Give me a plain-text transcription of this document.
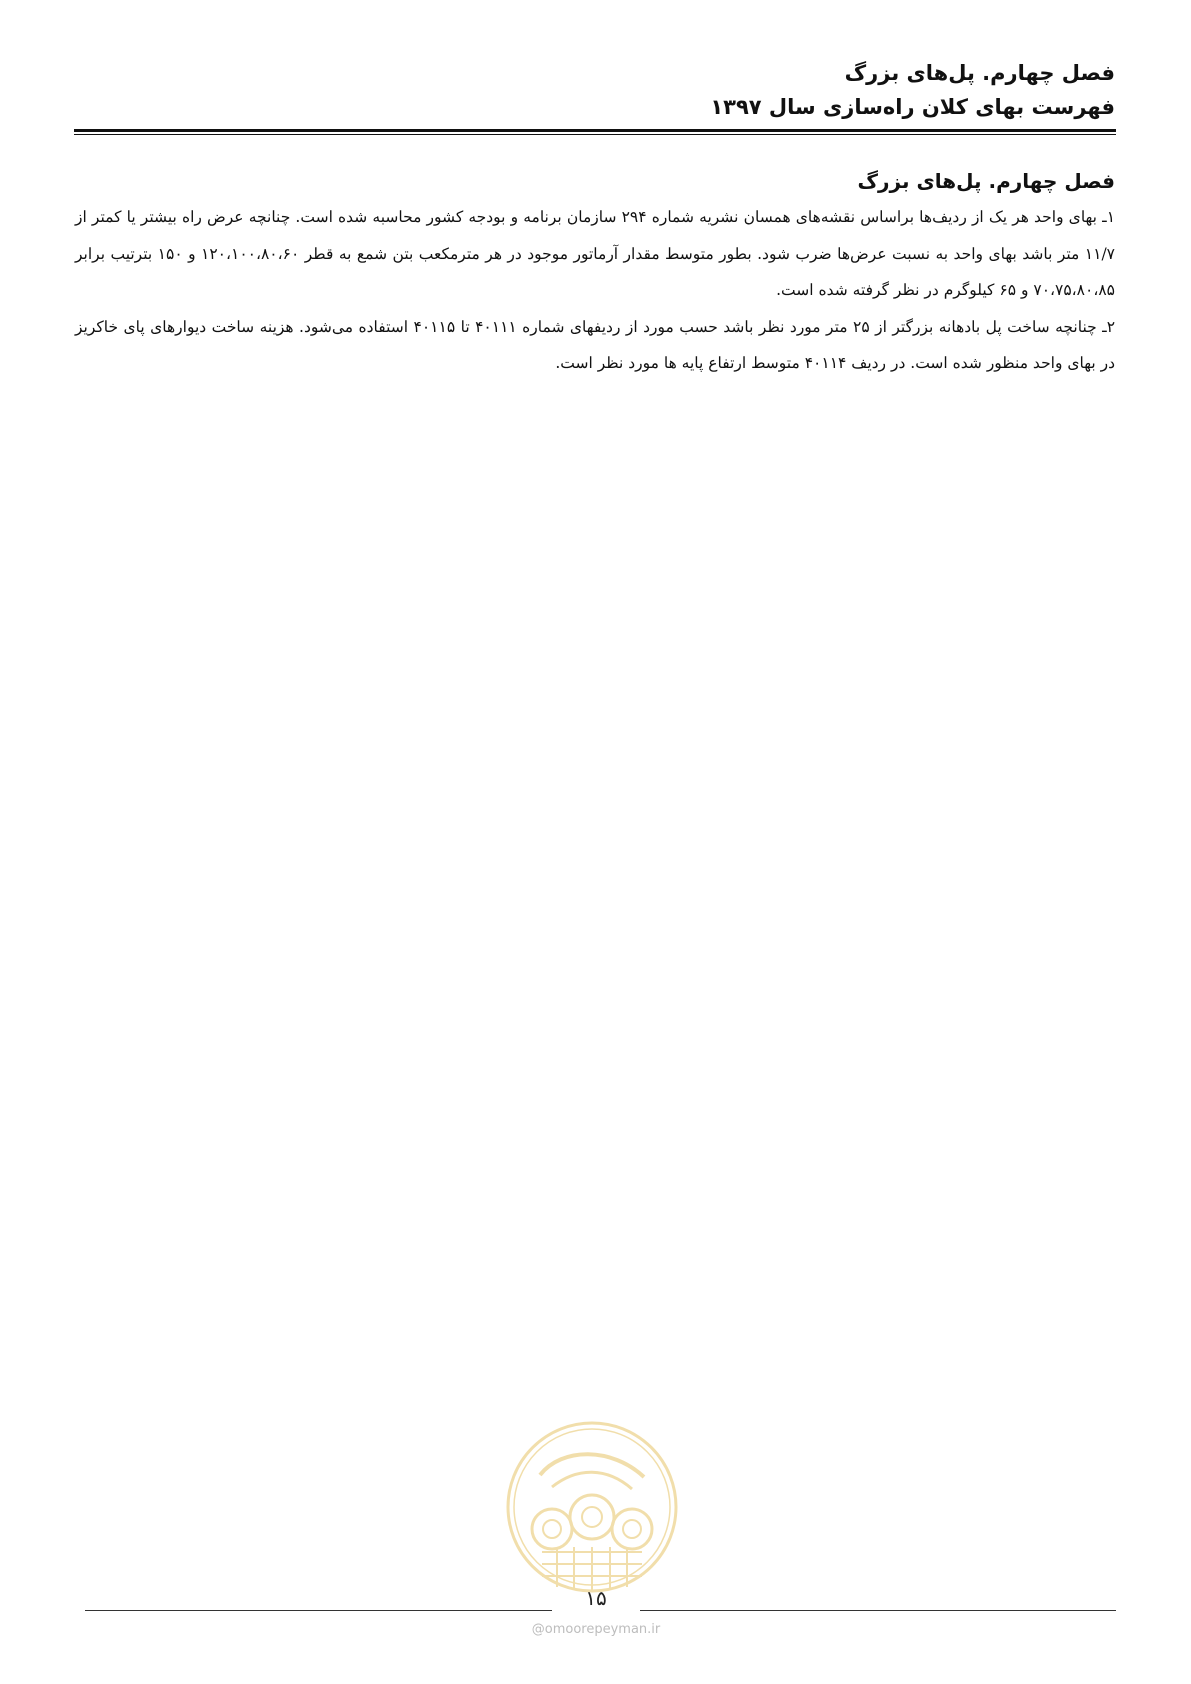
فصل چهارم. پل‌های بزرگ
فهرست بهای کلان راه‌سازی سال ۱۳۹۷
فصل چهارم. پل‌های بزرگ

۱ـ بهای واحد هر یک از ردیف‌ها براساس نقشه‌های همسان نشریه شماره ۲۹۴ سازمان برنامه و بودجه کشور محاسبه شده است. چنانچه عرض راه بیشتر یا کمتر از ۱۱/۷ متر باشد بهای واحد به نسبت عرض‌ها ضرب شود. بطور متوسط مقدار آرماتور موجود در هر مترمکعب بتن شمع به قطر ۱۲۰،۱۰۰،۸۰،۶۰ و ۱۵۰ بترتیب برابر ۷۰،۷۵،۸۰،۸۵ و ۶۵ کیلوگرم در نظر گرفته شده است.

۲ـ چنانچه ساخت پل بادهانه بزرگتر از ۲۵ متر مورد نظر باشد حسب مورد از ردیفهای شماره ۴۰۱۱۱ تا ۴۰۱۱۵ استفاده می‌شود. هزینه ساخت دیوارهای پای خاکریز در بهای واحد منظور شده است. در ردیف ۴۰۱۱۴ متوسط ارتفاع پایه ها مورد نظر است.

۱۵
@omoorepeyman.ir
